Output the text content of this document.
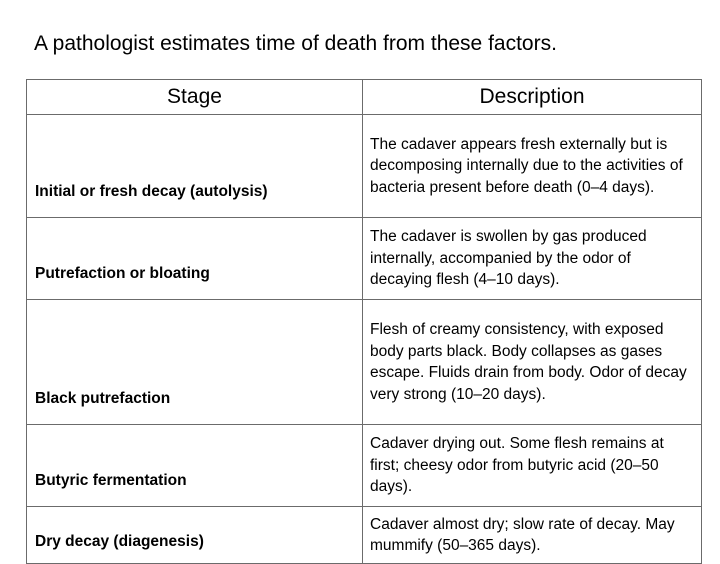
A pathologist estimates time of death from these factors.
Stage	Description
Initial or fresh decay (autolysis)	The cadaver appears fresh externally but is decomposing internally due to the activities of bacteria present before death (0–4 days).
Putrefaction or bloating	The cadaver is swollen by gas produced internally, accompanied by the odor of decaying flesh (4–10 days).
Black putrefaction	Flesh of creamy consistency, with exposed body parts black. Body collapses as gases escape. Fluids drain from body. Odor of decay very strong (10–20 days).
Butyric fermentation	Cadaver drying out. Some flesh remains at first; cheesy odor from butyric acid (20–50 days).
Dry decay (diagenesis)	Cadaver almost dry; slow rate of decay. May mummify (50–365 days).
